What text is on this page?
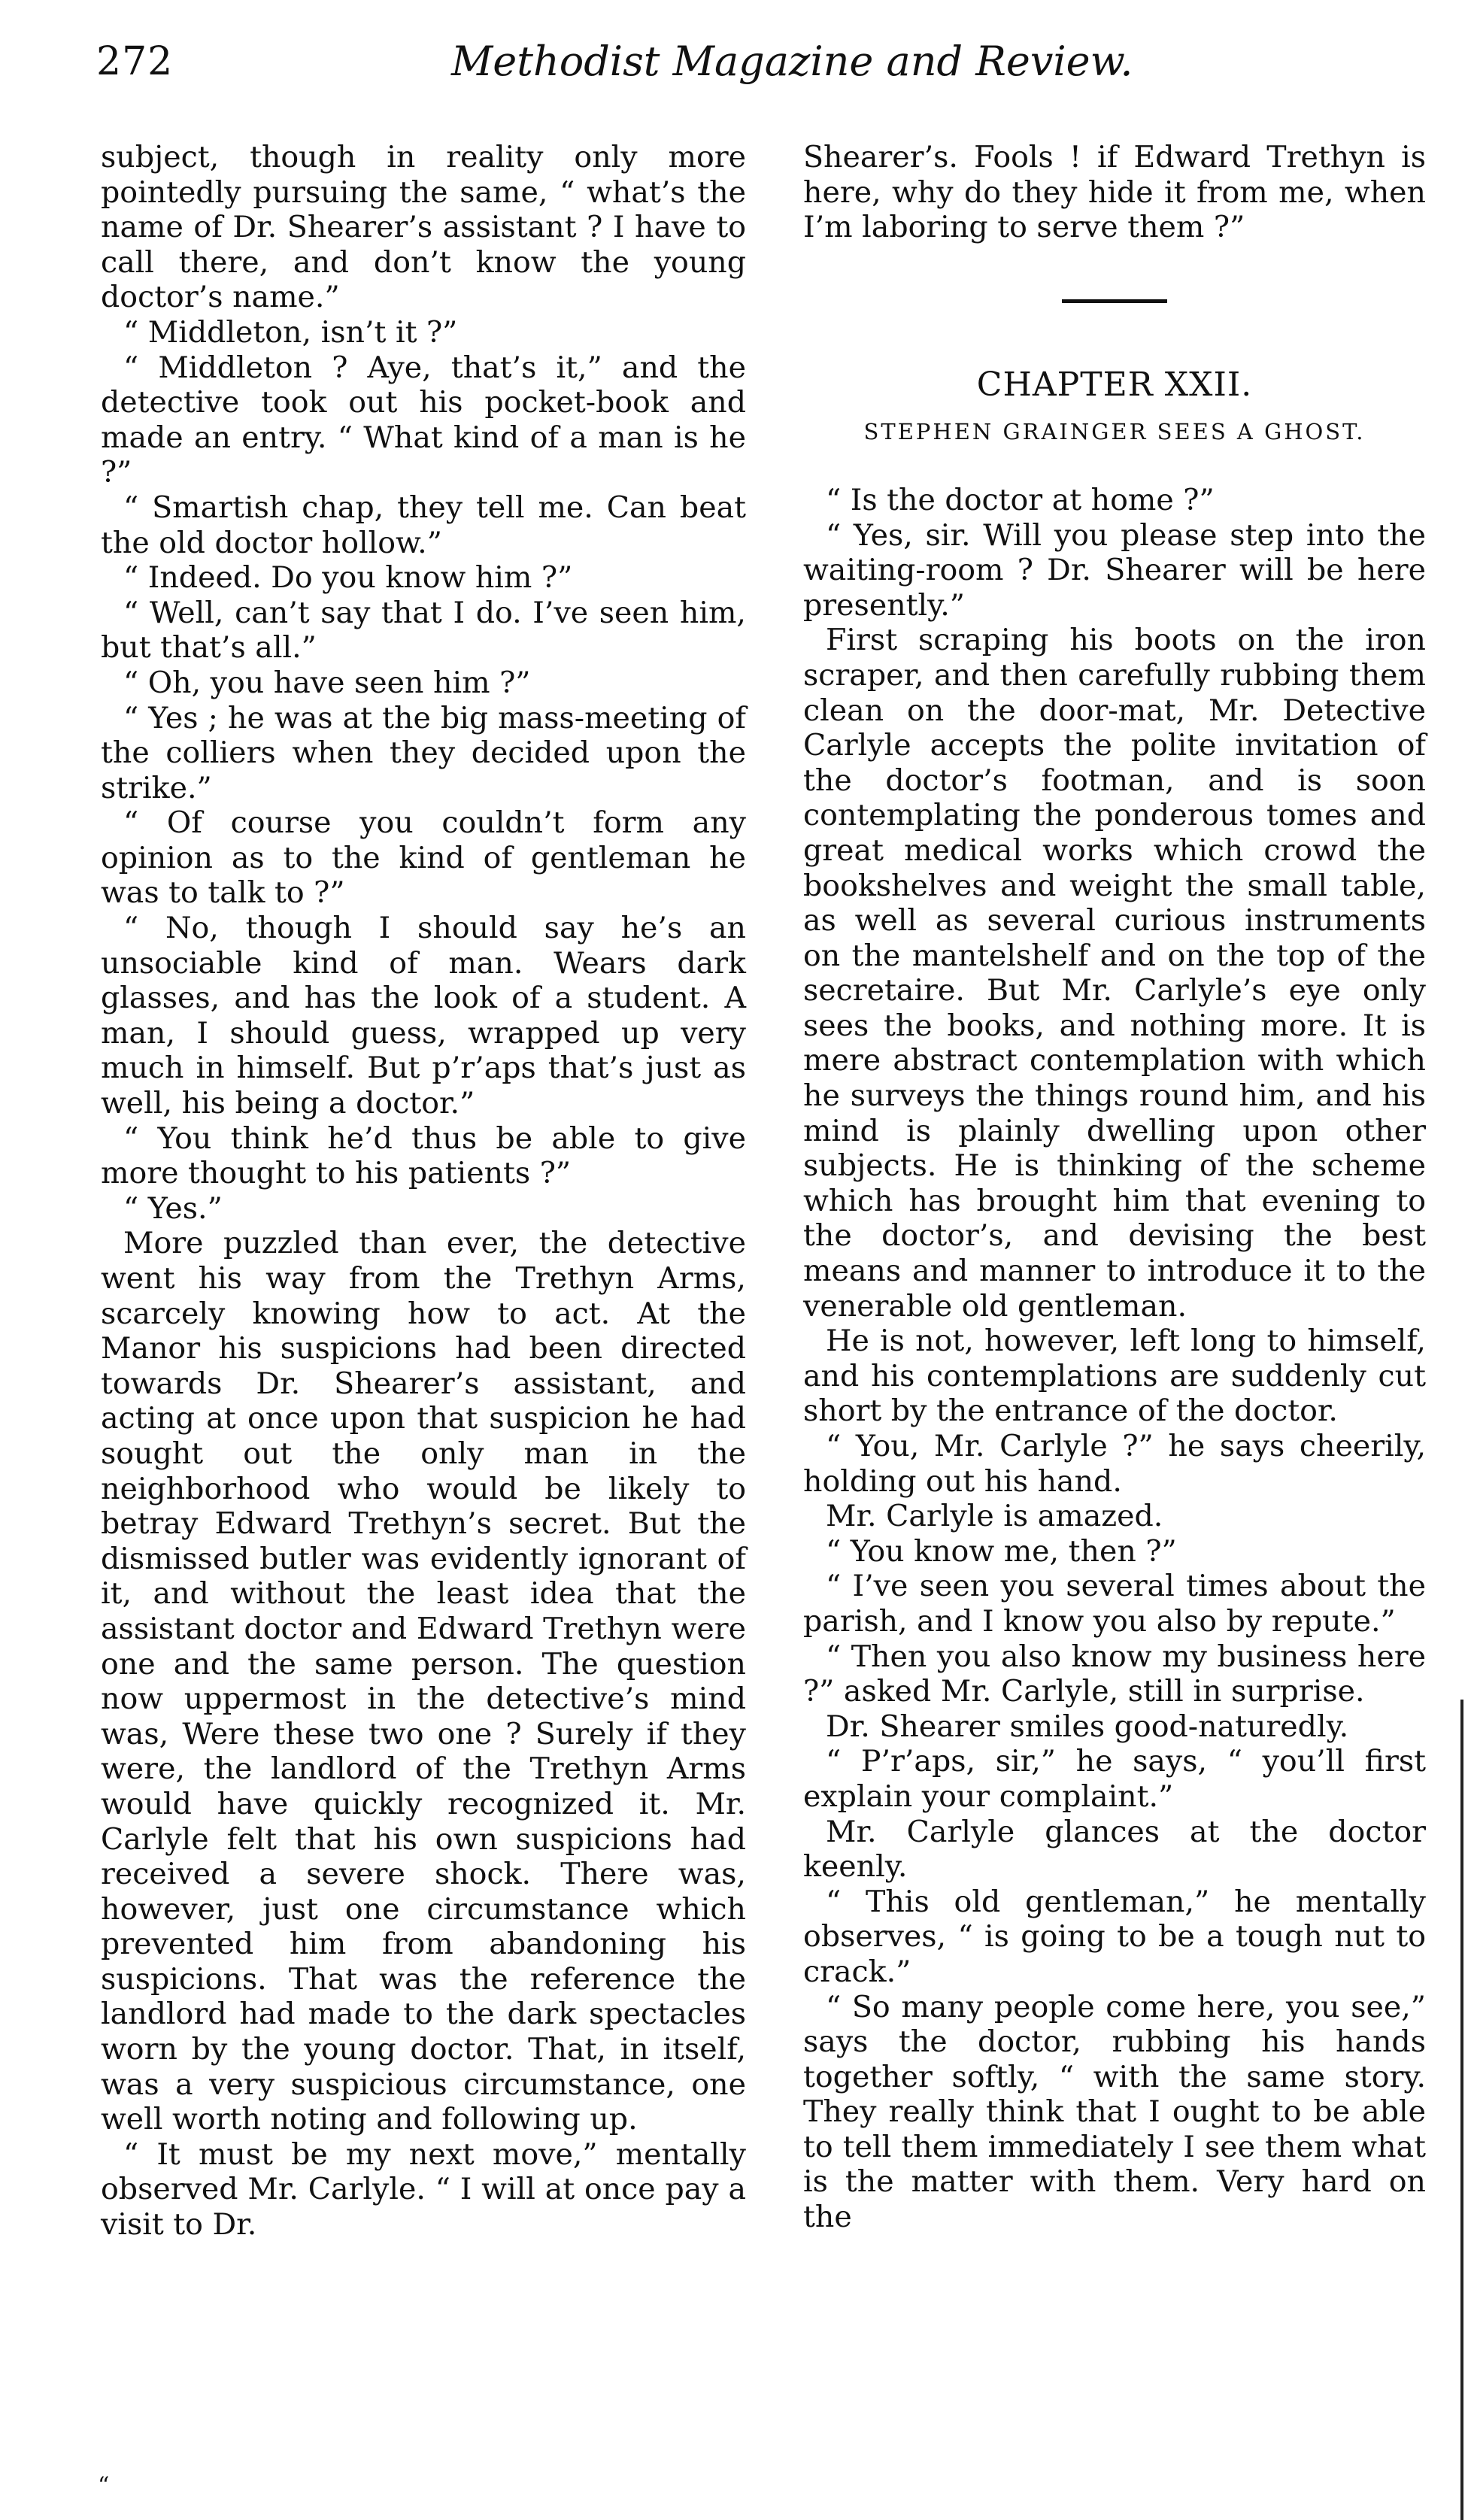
272	Methodist Magazine and Review.

subject, though in reality only more pointedly pursuing the same, “ what’s the name of Dr. Shearer’s assistant ? I have to call there, and don’t know the young doctor’s name.”

“ Middleton, isn’t it ?”

“ Middleton ? Aye, that’s it,” and the detective took out his pocket-book and made an entry. “ What kind of a man is he ?”

“ Smartish chap, they tell me. Can beat the old doctor hollow.”

“ Indeed. Do you know him ?”

“ Well, can’t say that I do. I’ve seen him, but that’s all.”

“ Oh, you have seen him ?”

“ Yes ; he was at the big mass-meeting of the colliers when they decided upon the strike.”

“ Of course you couldn’t form any opinion as to the kind of gentleman he was to talk to ?”

“ No, though I should say he’s an unsociable kind of man. Wears dark glasses, and has the look of a student. A man, I should guess, wrapped up very much in himself. But p’r’aps that’s just as well, his being a doctor.”

“ You think he’d thus be able to give more thought to his patients ?”

“ Yes.”

More puzzled than ever, the detective went his way from the Trethyn Arms, scarcely knowing how to act. At the Manor his suspicions had been directed towards Dr. Shearer’s assistant, and acting at once upon that suspicion he had sought out the only man in the neighborhood who would be likely to betray Edward Trethyn’s secret. But the dismissed butler was evidently ignorant of it, and without the least idea that the assistant doctor and Edward Trethyn were one and the same person. The question now uppermost in the detective’s mind was, Were these two one ? Surely if they were, the landlord of the Trethyn Arms would have quickly recognized it. Mr. Carlyle felt that his own suspicions had received a severe shock. There was, however, just one circumstance which prevented him from abandoning his suspicions. That was the reference the landlord had made to the dark spectacles worn by the young doctor. That, in itself, was a very suspicious circumstance, one well worth noting and following up.

“ It must be my next move,” mentally observed Mr. Carlyle. “ I will at once pay a visit to Dr.

Shearer’s. Fools ! if Edward Trethyn is here, why do they hide it from me, when I’m laboring to serve them ?”

CHAPTER XXII.
STEPHEN GRAINGER SEES A GHOST.

“ Is the doctor at home ?”

“ Yes, sir. Will you please step into the waiting-room ? Dr. Shearer will be here presently.”

First scraping his boots on the iron scraper, and then carefully rubbing them clean on the door-mat, Mr. Detective Carlyle accepts the polite invitation of the doctor’s footman, and is soon contemplating the ponderous tomes and great medical works which crowd the bookshelves and weight the small table, as well as several curious instruments on the mantelshelf and on the top of the secretaire. But Mr. Carlyle’s eye only sees the books, and nothing more. It is mere abstract contemplation with which he surveys the things round him, and his mind is plainly dwelling upon other subjects. He is thinking of the scheme which has brought him that evening to the doctor’s, and devising the best means and manner to introduce it to the venerable old gentleman.

He is not, however, left long to himself, and his contemplations are suddenly cut short by the entrance of the doctor.

“ You, Mr. Carlyle ?” he says cheerily, holding out his hand.

Mr. Carlyle is amazed.

“ You know me, then ?”

“ I’ve seen you several times about the parish, and I know you also by repute.”

“ Then you also know my business here ?” asked Mr. Carlyle, still in surprise.

Dr. Shearer smiles good-naturedly.

“ P’r’aps, sir,” he says, “ you’ll first explain your complaint.”

Mr. Carlyle glances at the doctor keenly.

“ This old gentleman,” he mentally observes, “ is going to be a tough nut to crack.”

“ So many people come here, you see,” says the doctor, rubbing his hands together softly, “ with the same story. They really think that I ought to be able to tell them immediately I see them what is the matter with them. Very hard on the

“
